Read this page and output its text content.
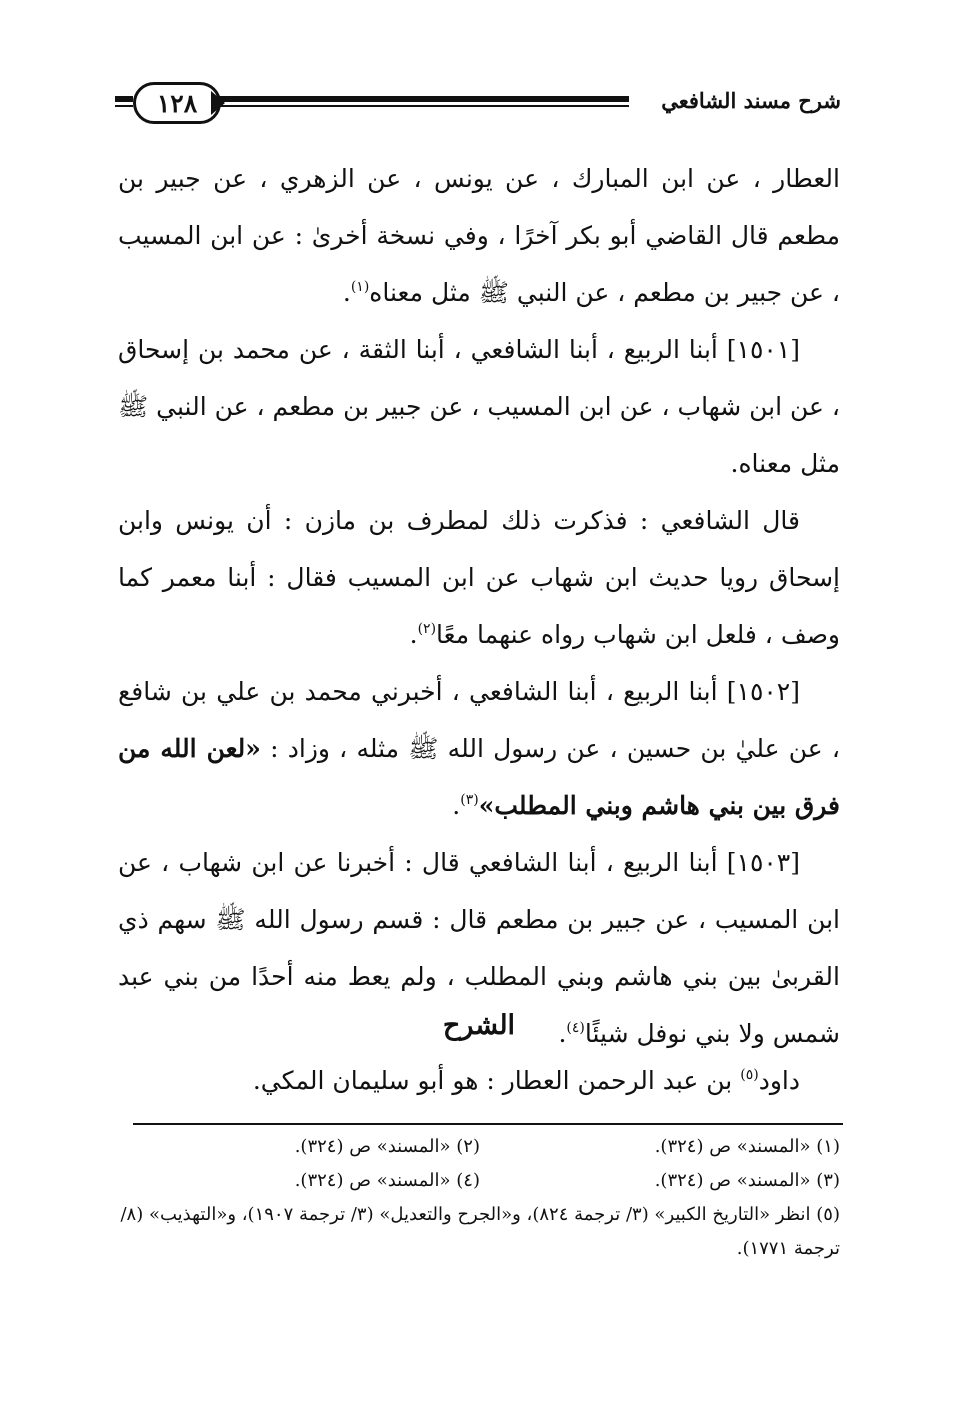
شرح مسند الشافعي
١٢٨

العطار ، عن ابن المبارك ، عن يونس ، عن الزهري ، عن جبير بن مطعم قال القاضي أبو بكر آخرًا ، وفي نسخة أخرىٰ : عن ابن المسيب ، عن جبير بن مطعم ، عن النبي ﷺ مثل معناه$^{(١)}$.

[١٥٠١] أبنا الربيع ، أبنا الشافعي ، أبنا الثقة ، عن محمد بن إسحاق ، عن ابن شهاب ، عن ابن المسيب ، عن جبير بن مطعم ، عن النبي ﷺ مثل معناه.

قال الشافعي : فذكرت ذلك لمطرف بن مازن : أن يونس وابن إسحاق رويا حديث ابن شهاب عن ابن المسيب فقال : أبنا معمر كما وصف ، فلعل ابن شهاب رواه عنهما معًا$^{(٢)}$.

[١٥٠٢] أبنا الربيع ، أبنا الشافعي ، أخبرني محمد بن علي بن شافع ، عن عليٰ بن حسين ، عن رسول الله ﷺ مثله ، وزاد : «لعن الله من فرق بين بني هاشم وبني المطلب»$^{(٣)}$.

[١٥٠٣] أبنا الربيع ، أبنا الشافعي قال : أخبرنا عن ابن شهاب ، عن ابن المسيب ، عن جبير بن مطعم قال : قسم رسول الله ﷺ سهم ذي القربىٰ بين بني هاشم وبني المطلب ، ولم يعط منه أحدًا من بني عبد شمس ولا بني نوفل شيئًا$^{(٤)}$.

الشرح
داود$^{(٥)}$ بن عبد الرحمن العطار : هو أبو سليمان المكي.
(١) «المسند» ص (٣٢٤).
(٢) «المسند» ص (٣٢٤).
(٣) «المسند» ص (٣٢٤).
(٤) «المسند» ص (٣٢٤).
(٥) انظر «التاريخ الكبير» (٣/ ترجمة ٨٢٤)، و«الجرح والتعديل» (٣/ ترجمة ١٩٠٧)، و«التهذيب» (٨/ ترجمة ١٧٧١).
